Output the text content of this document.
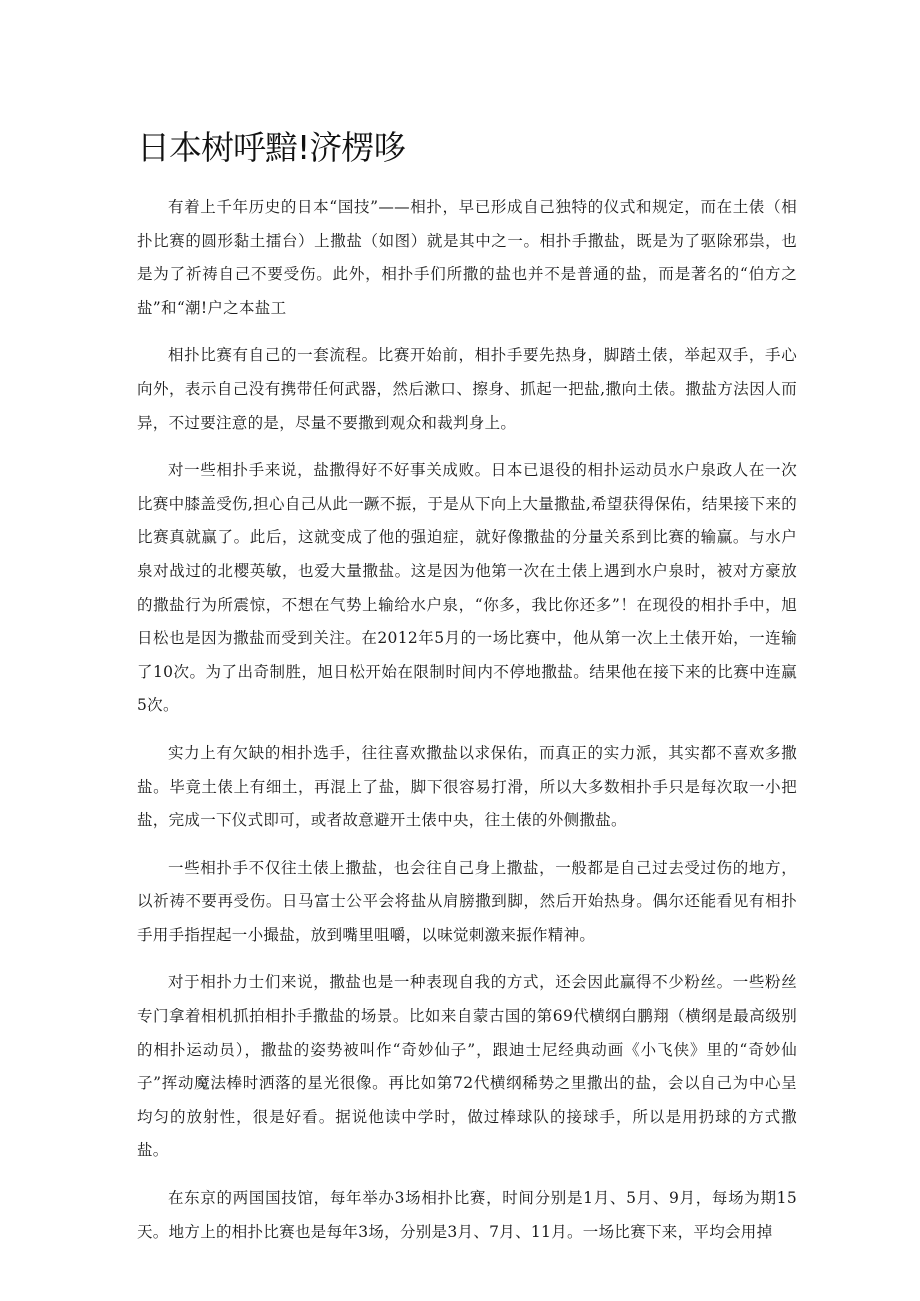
日本树呼黯!济楞哆

有着上千年历史的日本“国技”——相扑，早已形成自己独特的仪式和规定，而在土俵（相扑比赛的圆形黏土擂台）上撒盐（如图）就是其中之一。相扑手撒盐，既是为了驱除邪祟，也是为了祈祷自己不要受伤。此外，相扑手们所撒的盐也并不是普通的盐，而是著名的“伯方之盐”和“潮!户之本盐工

相扑比赛有自己的一套流程。比赛开始前，相扑手要先热身，脚踏土俵，举起双手，手心向外，表示自己没有携带任何武器，然后漱口、擦身、抓起一把盐,撒向土俵。撒盐方法因人而异，不过要注意的是，尽量不要撒到观众和裁判身上。

对一些相扑手来说，盐撒得好不好事关成败。日本已退役的相扑运动员水户泉政人在一次比赛中膝盖受伤,担心自己从此一蹶不振，于是从下向上大量撒盐,希望获得保佑，结果接下来的比赛真就赢了。此后，这就变成了他的强迫症，就好像撒盐的分量关系到比赛的输赢。与水户泉对战过的北樱英敏，也爱大量撒盐。这是因为他第一次在土俵上遇到水户泉时，被对方豪放的撒盐行为所震惊，不想在气势上输给水户泉，“你多，我比你还多”！在现役的相扑手中，旭日松也是因为撒盐而受到关注。在2012年5月的一场比赛中，他从第一次上土俵开始，一连输了10次。为了出奇制胜，旭日松开始在限制时间内不停地撒盐。结果他在接下来的比赛中连赢5次。

实力上有欠缺的相扑选手，往往喜欢撒盐以求保佑，而真正的实力派，其实都不喜欢多撒盐。毕竟土俵上有细土，再混上了盐，脚下很容易打滑，所以大多数相扑手只是每次取一小把盐，完成一下仪式即可，或者故意避开土俵中央，往土俵的外侧撒盐。

一些相扑手不仅往土俵上撒盐，也会往自己身上撒盐，一般都是自己过去受过伤的地方，以祈祷不要再受伤。日马富士公平会将盐从肩膀撒到脚，然后开始热身。偶尔还能看见有相扑手用手指捏起一小撮盐，放到嘴里咀嚼，以味觉刺激来振作精神。

对于相扑力士们来说，撒盐也是一种表现自我的方式，还会因此赢得不少粉丝。一些粉丝专门拿着相机抓拍相扑手撒盐的场景。比如来自蒙古国的第69代横纲白鹏翔（横纲是最高级别的相扑运动员），撒盐的姿势被叫作“奇妙仙子”，跟迪士尼经典动画《小飞侠》里的“奇妙仙子”挥动魔法棒时洒落的星光很像。再比如第72代横纲稀势之里撒出的盐，会以自己为中心呈均匀的放射性，很是好看。据说他读中学时，做过棒球队的接球手，所以是用扔球的方式撒盐。

在东京的两国国技馆，每年举办3场相扑比赛，时间分别是1月、5月、9月，每场为期15天。地方上的相扑比赛也是每年3场，分别是3月、7月、11月。一场比赛下来，平均会用掉
